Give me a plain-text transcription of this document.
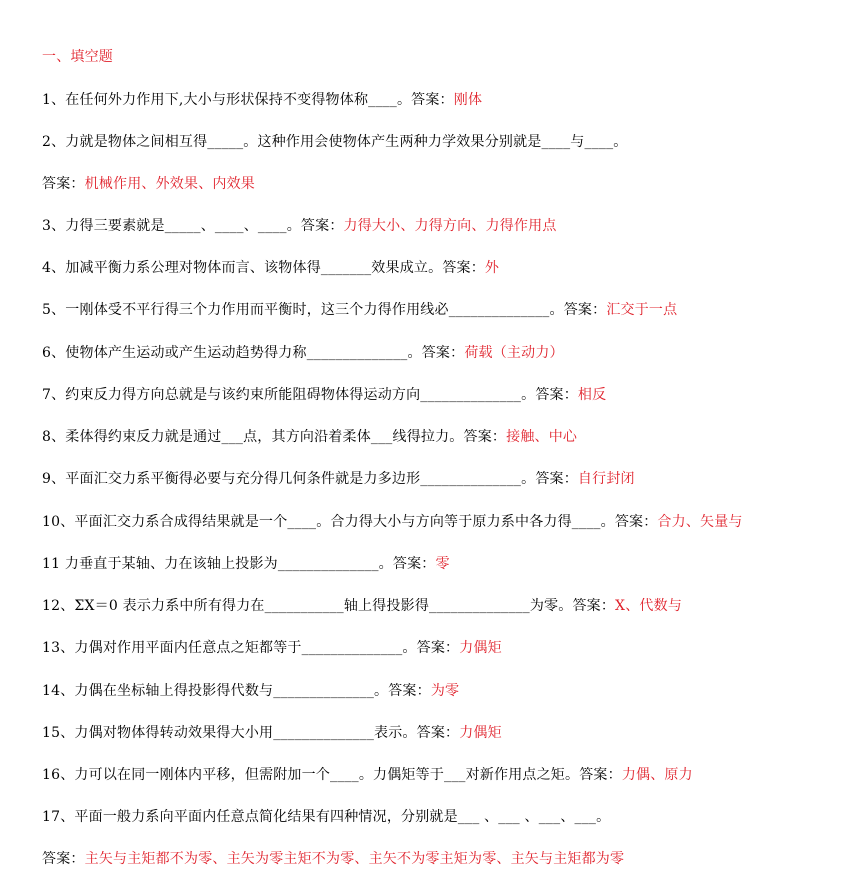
一、填空题
1、在任何外力作用下,大小与形状保持不变得物体称____。答案：刚体
2、力就是物体之间相互得_____。这种作用会使物体产生两种力学效果分别就是____与____。
答案：机械作用、外效果、内效果
3、力得三要素就是_____、____、____。答案：力得大小、力得方向、力得作用点
4、加减平衡力系公理对物体而言、该物体得_______效果成立。答案：外
5、一刚体受不平行得三个力作用而平衡时，这三个力得作用线必______________。答案：汇交于一点
6、使物体产生运动或产生运动趋势得力称______________。答案：荷载（主动力）
7、约束反力得方向总就是与该约束所能阻碍物体得运动方向______________。答案：相反
8、柔体得约束反力就是通过___点，其方向沿着柔体___线得拉力。答案：接触、中心
9、平面汇交力系平衡得必要与充分得几何条件就是力多边形______________。答案：自行封闭
10、平面汇交力系合成得结果就是一个____。合力得大小与方向等于原力系中各力得____。答案：合力、矢量与
11 力垂直于某轴、力在该轴上投影为______________。答案：零
12、ΣX＝0 表示力系中所有得力在___________轴上得投影得______________为零。答案：X、代数与
13、力偶对作用平面内任意点之矩都等于______________。答案：力偶矩
14、力偶在坐标轴上得投影得代数与______________。答案：为零
15、力偶对物体得转动效果得大小用______________表示。答案：力偶矩
16、力可以在同一刚体内平移，但需附加一个____。力偶矩等于___对新作用点之矩。答案：力偶、原力
17、平面一般力系向平面内任意点简化结果有四种情况，分别就是___ 、___ 、___、___。
答案：主矢与主矩都不为零、主矢为零主矩不为零、主矢不为零主矩为零、主矢与主矩都为零
